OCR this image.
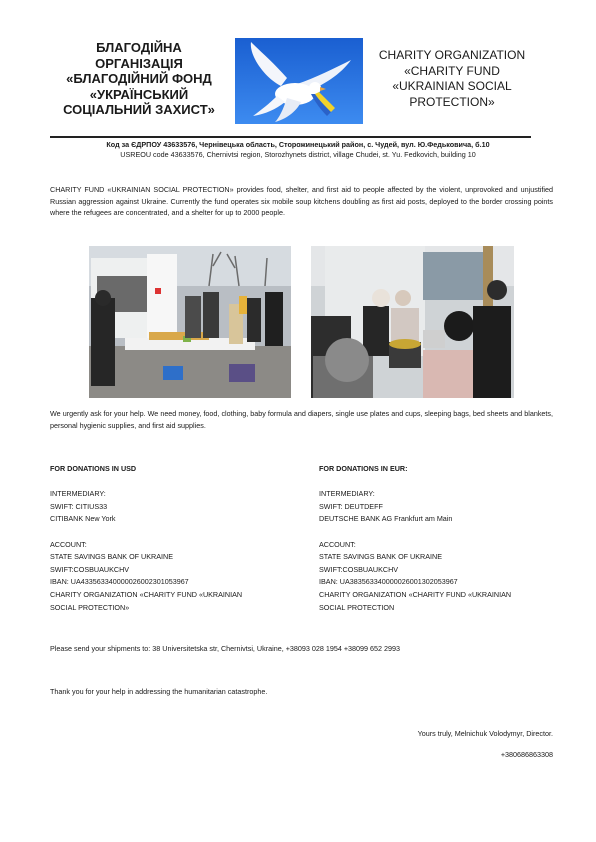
БЛАГОДІЙНА
ОРГАНІЗАЦІЯ
«БЛАГОДІЙНИЙ ФОНД
«УКРАЇНСЬКИЙ
СОЦІАЛЬНИЙ ЗАХИСТ»
CHARITY ORGANIZATION
«CHARITY FUND
«UKRAINIAN SOCIAL
PROTECTION»
Код за ЄДРПОУ 43633576, Чернівецька область, Сторожинецький район, с. Чудей, вул. Ю.Федьковича, б.10
USREOU code 43633576, Chernivtsi region, Storozhynets district, village Chudei, st. Yu. Fedkovich, building 10
CHARITY FUND «UKRAINIAN SOCIAL PROTECTION» provides food, shelter, and first aid to people affected by the violent, unprovoked and unjustified Russian aggression against Ukraine. Currently the fund operates six mobile soup kitchens doubling as first aid posts, deployed to the border crossing points where the refugees are concentrated, and a shelter for up to 2000 people.
We urgently ask for your help. We need money, food, clothing, baby formula and diapers, single use plates and cups, sleeping bags, bed sheets and blankets, personal hygienic supplies, and first aid supplies.
FOR DONATIONS IN USD
INTERMEDIARY:
SWIFT: CITIUS33
CITIBANK New York
ACCOUNT:
STATE SAVINGS BANK OF UKRAINE
SWIFT:COSBUAUKCHV
IBAN: UA433563340000026002301053967
CHARITY ORGANIZATION «CHARITY FUND «UKRAINIAN
SOCIAL PROTECTION»
FOR DONATIONS IN EUR:
INTERMEDIARY:
SWIFT: DEUTDEFF
DEUTSCHE BANK AG Frankfurt am Main
ACCOUNT:
STATE SAVINGS BANK OF UKRAINE
SWIFT:COSBUAUKCHV
IBAN: UA383563340000026001302053967
CHARITY ORGANIZATION «CHARITY FUND «UKRAINIAN
SOCIAL PROTECTION
Please send your shipments to: 38 Universitetska str, Chernivtsi, Ukraine, +38093 028 1954 +38099 652 2993
Thank you for your help in addressing the humanitarian catastrophe.
Yours truly, Melnichuk Volodymyr, Director.
+380686863308
